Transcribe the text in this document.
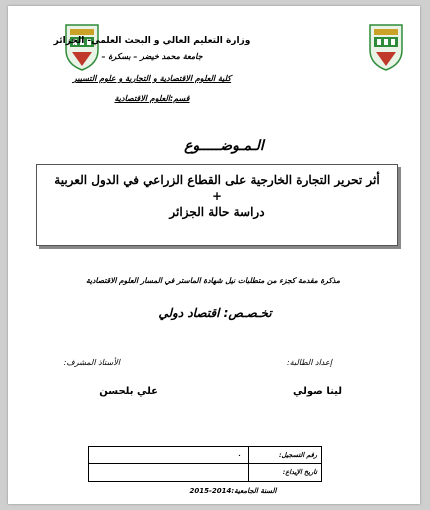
وزارة التعليم العالي و البحث العلمي- الجزائر
جامعة محمد خيضر – بسكرة –
كلية العلوم الاقتصادية و التجارية و علوم التسيير
قسم:العلوم الاقتصادية
الـمـوضـــــوع
أثر تحرير التجارة الخارجية على القطاع الزراعي في الدول العربية
+
دراسة حالة الجزائر
مذكرة مقدمة كجزء من متطلبات نيل شهادة الماستر في المسار العلوم الاقتصادية
تخـصـص: اقتصاد دولي
إعداد الطالبة:
الأستاذ المشرف:
لينا صولي
علي بلحسن
رقم التسجيل:
.
تاريخ الإيداع:
السنة الجامعية:2014-2015
